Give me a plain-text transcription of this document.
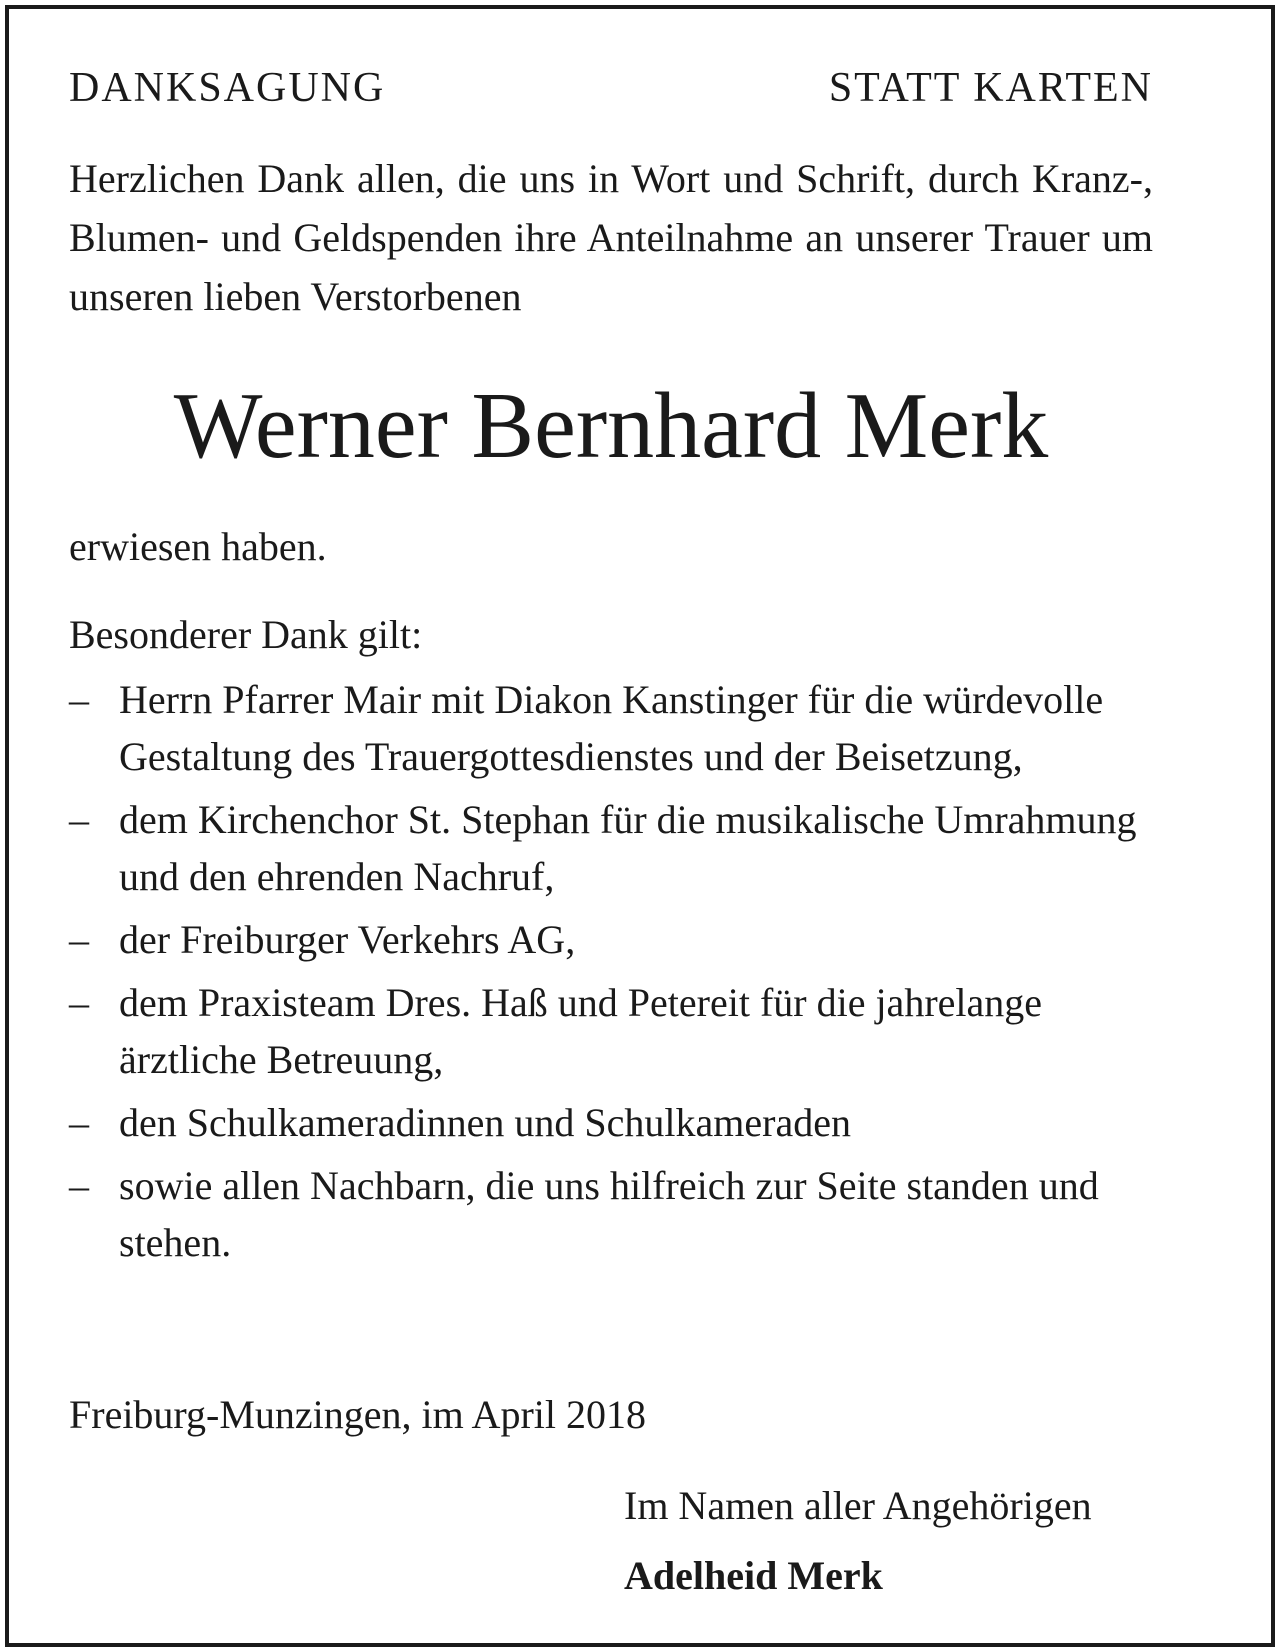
DANKSAGUNG	STATT KARTEN
Herzlichen Dank allen, die uns in Wort und Schrift, durch Kranz-, Blumen- und Geldspenden ihre Anteilnahme an unserer Trauer um unseren lieben Verstorbenen
Werner Bernhard Merk
erwiesen haben.
Besonderer Dank gilt:
– Herrn Pfarrer Mair mit Diakon Kanstinger für die würdevolle Gestaltung des Trauergottesdienstes und der Beisetzung,
– dem Kirchenchor St. Stephan für die musikalische Umrahmung und den ehrenden Nachruf,
– der Freiburger Verkehrs AG,
– dem Praxisteam Dres. Haß und Petereit für die jahrelange ärztliche Betreuung,
– den Schulkameradinnen und Schulkameraden
– sowie allen Nachbarn, die uns hilfreich zur Seite standen und stehen.
Freiburg-Munzingen, im April 2018
Im Namen aller Angehörigen
Adelheid Merk
